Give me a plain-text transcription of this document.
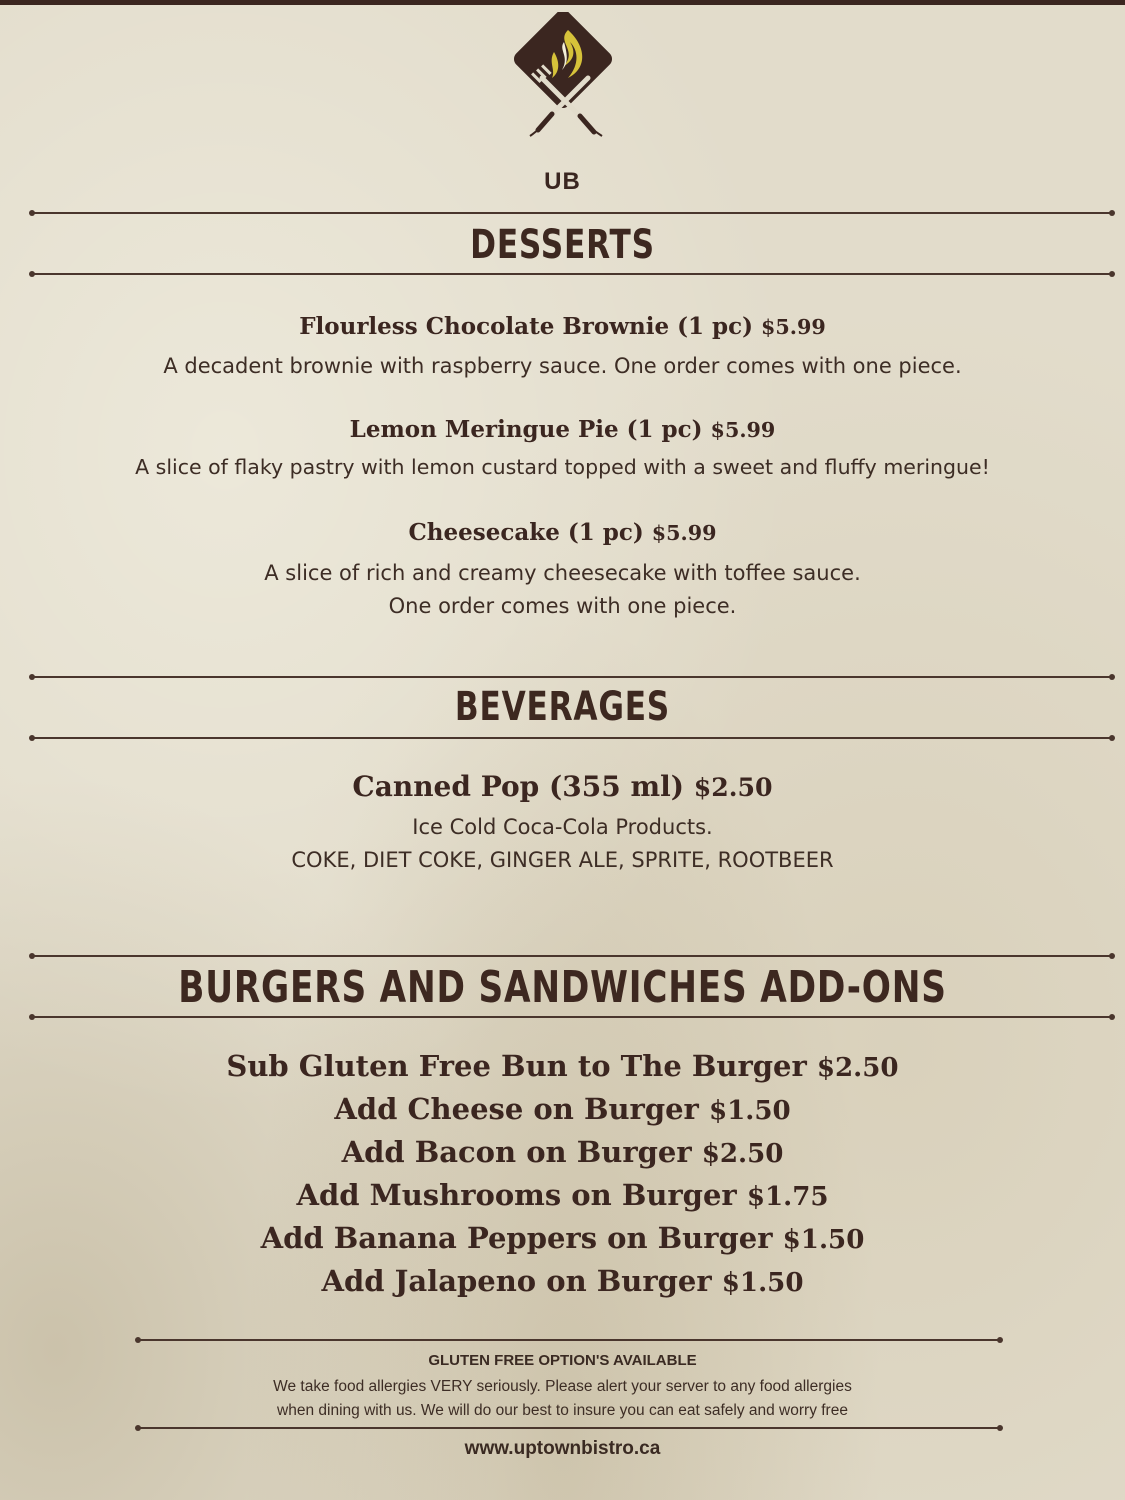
UB
DESSERTS
Flourless Chocolate Brownie (1 pc) $5.99
A decadent brownie with raspberry sauce. One order comes with one piece.
Lemon Meringue Pie (1 pc) $5.99
A slice of flaky pastry with lemon custard topped with a sweet and fluffy meringue!
Cheesecake (1 pc) $5.99
A slice of rich and creamy cheesecake with toffee sauce.
One order comes with one piece.
BEVERAGES
Canned Pop (355 ml) $2.50
Ice Cold Coca-Cola Products.
COKE, DIET COKE, GINGER ALE, SPRITE, ROOTBEER
BURGERS AND SANDWICHES ADD-ONS
Sub Gluten Free Bun to The Burger $2.50
Add Cheese on Burger $1.50
Add Bacon on Burger $2.50
Add Mushrooms on Burger $1.75
Add Banana Peppers on Burger $1.50
Add Jalapeno on Burger $1.50
GLUTEN FREE OPTION'S AVAILABLE
We take food allergies VERY seriously. Please alert your server to any food allergies
when dining with us. We will do our best to insure you can eat safely and worry free
www.uptownbistro.ca
